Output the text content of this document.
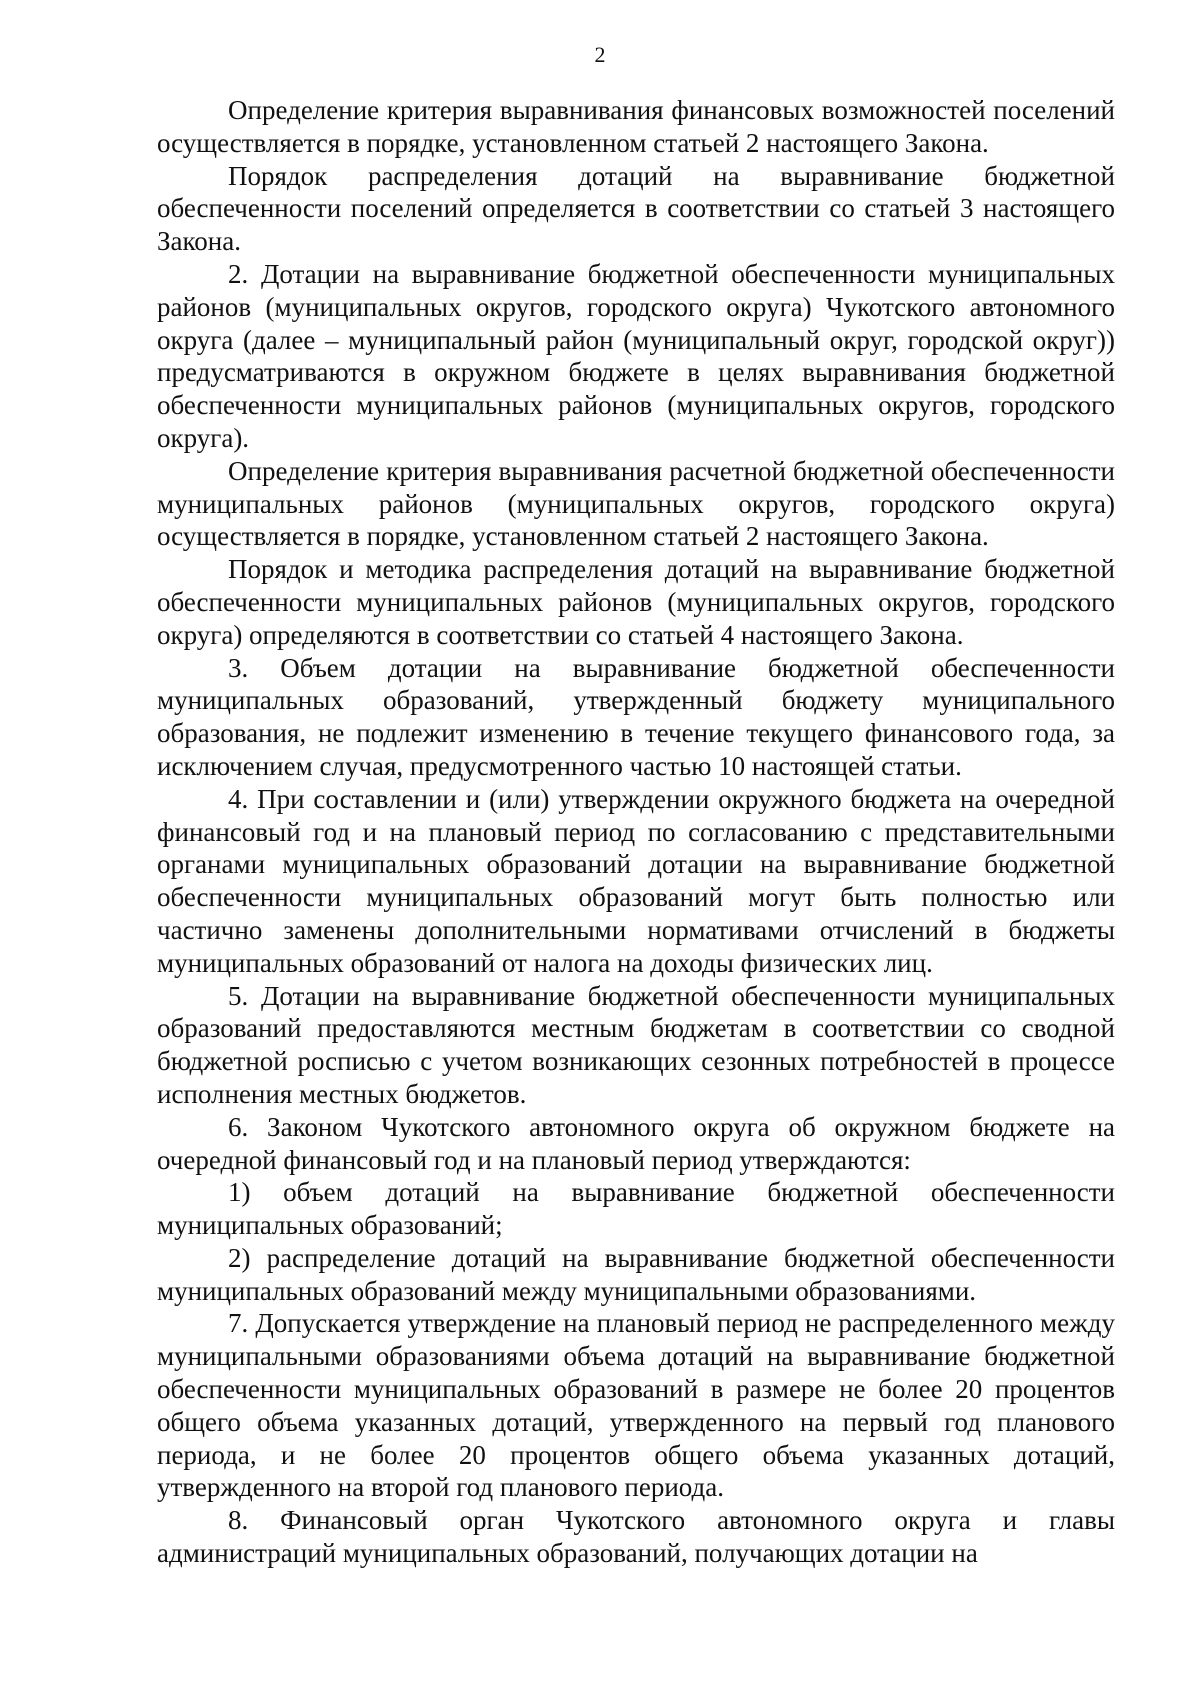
2

Определение критерия выравнивания финансовых возможностей поселений осуществляется в порядке, установленном статьей 2 настоящего Закона.

Порядок распределения дотаций на выравнивание бюджетной обеспеченности поселений определяется в соответствии со статьей 3 настоящего Закона.

2. Дотации на выравнивание бюджетной обеспеченности муниципальных районов (муниципальных округов, городского округа) Чукотского автономного округа (далее – муниципальный район (муниципальный округ, городской округ)) предусматриваются в окружном бюджете в целях выравнивания бюджетной обеспеченности муниципальных районов (муниципальных округов, городского округа).

Определение критерия выравнивания расчетной бюджетной обеспеченности муниципальных районов (муниципальных округов, городского округа) осуществляется в порядке, установленном статьей 2 настоящего Закона.

Порядок и методика распределения дотаций на выравнивание бюджетной обеспеченности муниципальных районов (муниципальных округов, городского округа) определяются в соответствии со статьей 4 настоящего Закона.

3. Объем дотации на выравнивание бюджетной обеспеченности муниципальных образований, утвержденный бюджету муниципального образования, не подлежит изменению в течение текущего финансового года, за исключением случая, предусмотренного частью 10 настоящей статьи.

4. При составлении и (или) утверждении окружного бюджета на очередной финансовый год и на плановый период по согласованию с представительными органами муниципальных образований дотации на выравнивание бюджетной обеспеченности муниципальных образований могут быть полностью или частично заменены дополнительными нормативами отчислений в бюджеты муниципальных образований от налога на доходы физических лиц.

5. Дотации на выравнивание бюджетной обеспеченности муниципальных образований предоставляются местным бюджетам в соответствии со сводной бюджетной росписью с учетом возникающих сезонных потребностей в процессе исполнения местных бюджетов.

6. Законом Чукотского автономного округа об окружном бюджете на очередной финансовый год и на плановый период утверждаются:

1) объем дотаций на выравнивание бюджетной обеспеченности муниципальных образований;

2) распределение дотаций на выравнивание бюджетной обеспеченности муниципальных образований между муниципальными образованиями.

7. Допускается утверждение на плановый период не распределенного между муниципальными образованиями объема дотаций на выравнивание бюджетной обеспеченности муниципальных образований в размере не более 20 процентов общего объема указанных дотаций, утвержденного на первый год планового периода, и не более 20 процентов общего объема указанных дотаций, утвержденного на второй год планового периода.

8. Финансовый орган Чукотского автономного округа и главы администраций муниципальных образований, получающих дотации на
